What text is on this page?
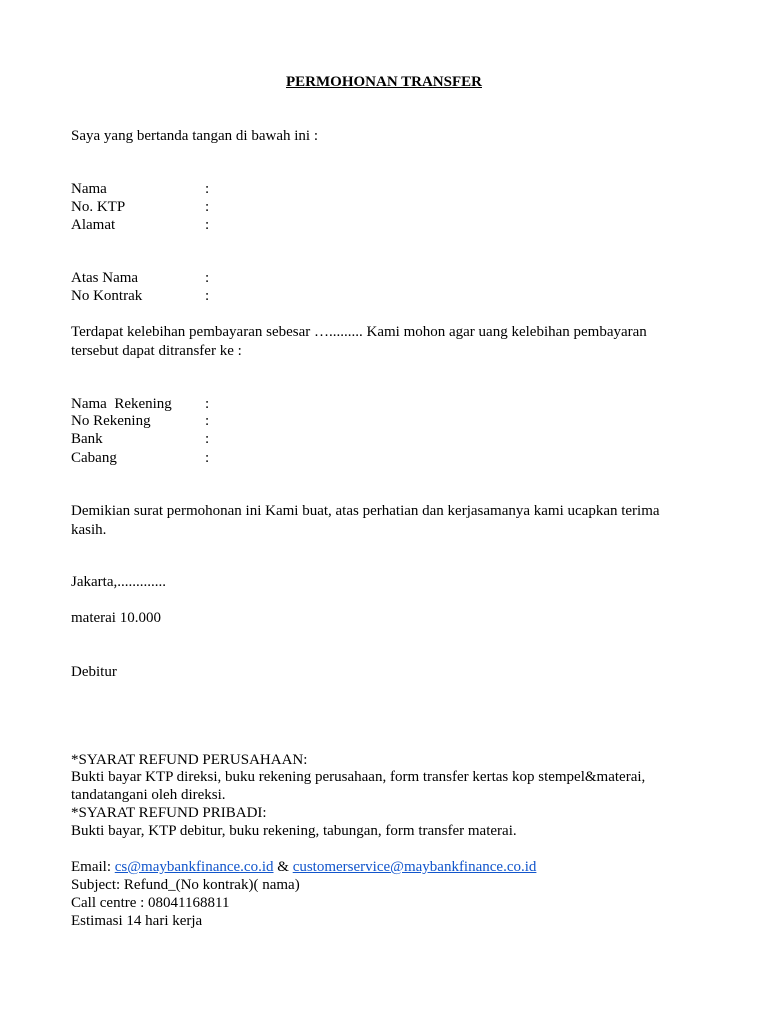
PERMOHONAN TRANSFER
Saya yang bertanda tangan di bawah ini :
Nama	:
No. KTP	:
Alamat	:
Atas Nama	:
No Kontrak	:
Terdapat kelebihan pembayaran sebesar …......... Kami mohon agar uang kelebihan pembayaran tersebut dapat ditransfer ke :
Nama  Rekening :
No Rekening	:
Bank	:
Cabang	:
Demikian surat permohonan ini Kami buat, atas perhatian dan kerjasamanya kami ucapkan terima kasih.
Jakarta,.............
materai 10.000
Debitur
*SYARAT REFUND PERUSAHAAN:
Bukti bayar KTP direksi, buku rekening perusahaan, form transfer kertas kop stempel&materai, tandatangani oleh direksi.
*SYARAT REFUND PRIBADI:
Bukti bayar, KTP debitur, buku rekening, tabungan, form transfer materai.
Email: cs@maybankfinance.co.id & customerservice@maybankfinance.co.id
Subject: Refund_(No kontrak)( nama)
Call centre : 08041168811
Estimasi 14 hari kerja
